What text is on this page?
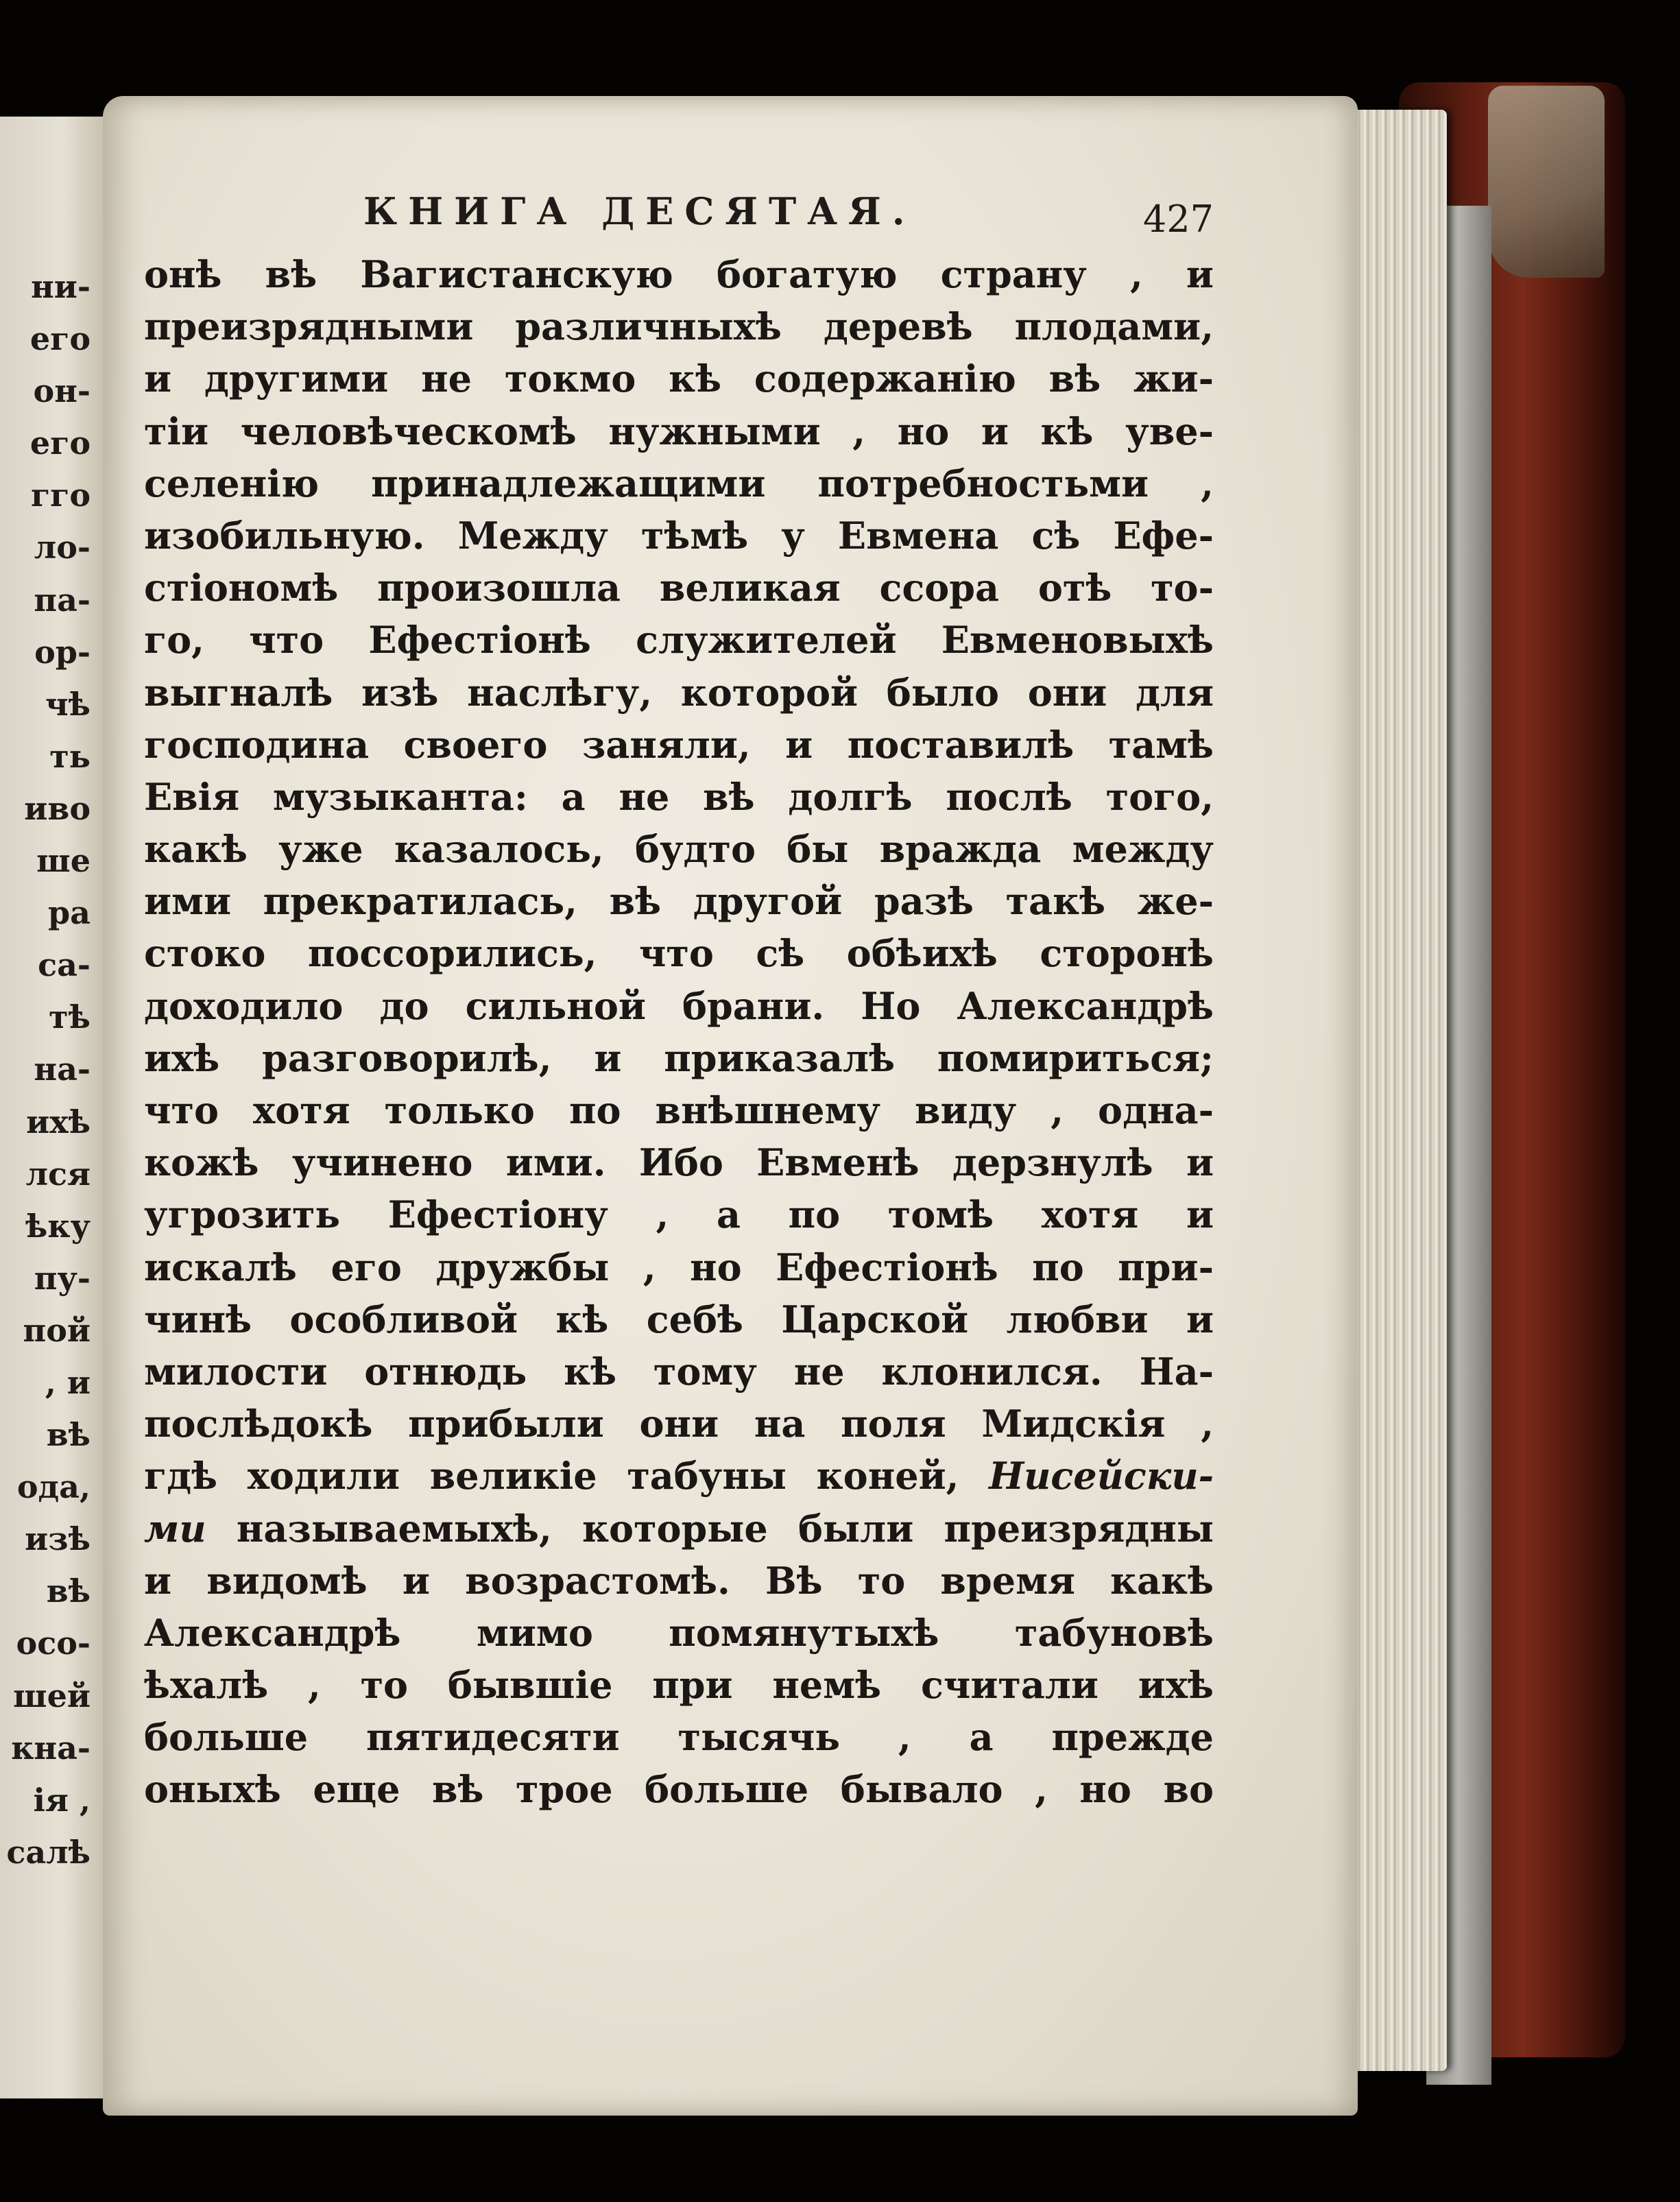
ни-
его
он-
его
гго
ло-
па-
ор-
чѣ
ть
иво
ше
ра
са-
тѣ
на-
ихѣ
лся
ѣку
пу-
пой
, и
вѣ
ода,
изѣ
вѣ
осо-
шей
кна-
ія ,
салѣ
КНИГА ДЕСЯТАЯ.	427
онѣ вѣ Вагистанскую богатую страну , и
преизрядными различныхѣ деревѣ плодами,
и другими не токмо кѣ содержанію вѣ жи-
тіи человѣческомѣ нужными , но и кѣ уве-
селенію принадлежащими потребностьми ,
изобильную. Между тѣмѣ у Евмена сѣ Ефе-
стіономѣ произошла великая ссора отѣ то-
го, что Ефестіонѣ служителей Евменовыхѣ
выгналѣ изѣ наслѣгу, которой было они для
господина своего заняли, и поставилѣ тамѣ
Евія музыканта: а не вѣ долгѣ послѣ того,
какѣ уже казалось, будто бы вражда между
ими прекратилась, вѣ другой разѣ такѣ же-
стоко поссорились, что сѣ обѣихѣ сторонѣ
доходило до сильной брани. Но Александрѣ
ихѣ разговорилѣ, и приказалѣ помириться;
что хотя только по внѣшнему виду , одна-
кожѣ учинено ими. Ибо Евменѣ дерзнулѣ и
угрозить Ефестіону , а по томѣ хотя и
искалѣ его дружбы , но Ефестіонѣ по при-
чинѣ особливой кѣ себѣ Царской любви и
милости отнюдь кѣ тому не клонился. На-
послѣдокѣ прибыли они на поля Мидскія ,
гдѣ ходили великіе табуны коней, Нисейски-
ми называемыхѣ, которые были преизрядны
и видомѣ и возрастомѣ. Вѣ то время какѣ
Александрѣ мимо помянутыхѣ табуновѣ
ѣхалѣ , то бывшіе при немѣ считали ихѣ
больше пятидесяти тысячь , а прежде
оныхѣ еще вѣ трое больше бывало , но во
